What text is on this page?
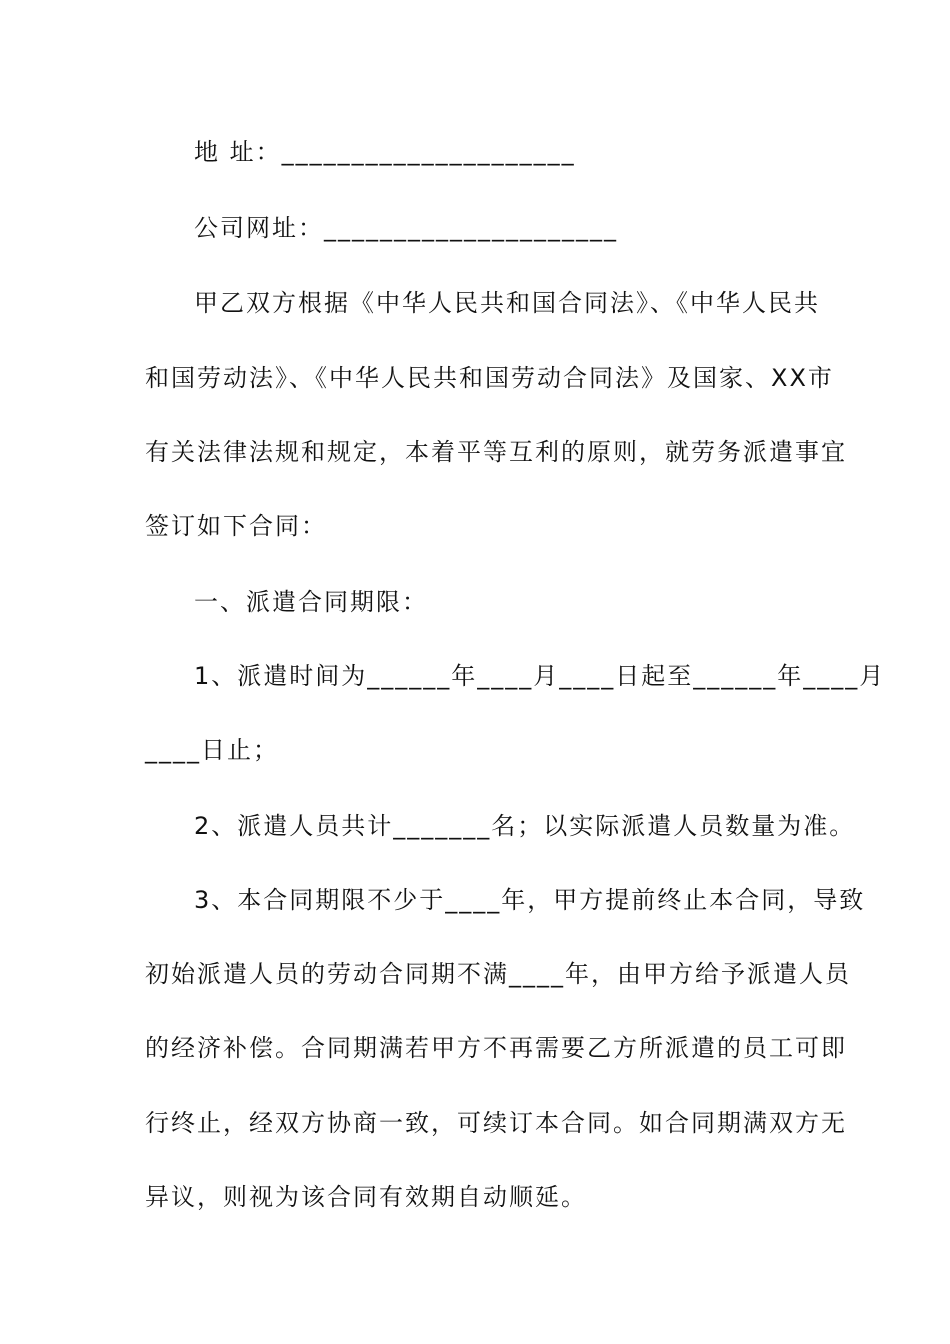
地 址：_____________________
公司网址：_____________________
甲乙双方根据《中华人民共和国合同法》、《中华人民共
和国劳动法》、《中华人民共和国劳动合同法》及国家、XX市
有关法律法规和规定，本着平等互利的原则，就劳务派遣事宜
签订如下合同：
一、派遣合同期限：
1、派遣时间为______年____月____日起至______年____月
____日止；
2、派遣人员共计_______名；以实际派遣人员数量为准。
3、本合同期限不少于____年，甲方提前终止本合同，导致
初始派遣人员的劳动合同期不满____年，由甲方给予派遣人员
的经济补偿。合同期满若甲方不再需要乙方所派遣的员工可即
行终止，经双方协商一致，可续订本合同。如合同期满双方无
异议，则视为该合同有效期自动顺延。
